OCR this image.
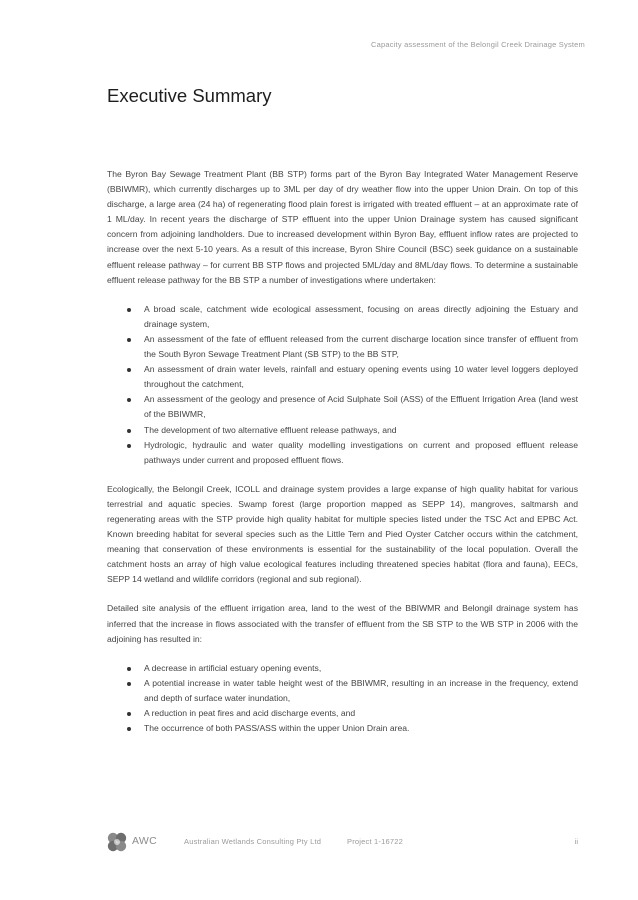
Capacity assessment of the Belongil Creek Drainage System
Executive Summary

The Byron Bay Sewage Treatment Plant (BB STP) forms part of the Byron Bay Integrated Water Management Reserve (BBIWMR), which currently discharges up to 3ML per day of dry weather flow into the upper Union Drain. On top of this discharge, a large area (24 ha) of regenerating flood plain forest is irrigated with treated effluent – at an approximate rate of 1 ML/day. In recent years the discharge of STP effluent into the upper Union Drainage system has caused significant concern from adjoining landholders. Due to increased development within Byron Bay, effluent inflow rates are projected to increase over the next 5-10 years. As a result of this increase, Byron Shire Council (BSC) seek guidance on a sustainable effluent release pathway – for current BB STP flows and projected 5ML/day and 8ML/day flows. To determine a sustainable effluent release pathway for the BB STP a number of investigations where undertaken:

A broad scale, catchment wide ecological assessment, focusing on areas directly adjoining the Estuary and drainage system,
An assessment of the fate of effluent released from the current discharge location since transfer of effluent from the South Byron Sewage Treatment Plant (SB STP) to the BB STP,
An assessment of drain water levels, rainfall and estuary opening events using 10 water level loggers deployed throughout the catchment,
An assessment of the geology and presence of Acid Sulphate Soil (ASS) of the Effluent Irrigation Area (land west of the BBIWMR,
The development of two alternative effluent release pathways, and
Hydrologic, hydraulic and water quality modelling investigations on current and proposed effluent release pathways under current and proposed effluent flows.

Ecologically, the Belongil Creek, ICOLL and drainage system provides a large expanse of high quality habitat for various terrestrial and aquatic species. Swamp forest (large proportion mapped as SEPP 14), mangroves, saltmarsh and regenerating areas with the STP provide high quality habitat for multiple species listed under the TSC Act and EPBC Act. Known breeding habitat for several species such as the Little Tern and Pied Oyster Catcher occurs within the catchment, meaning that conservation of these environments is essential for the sustainability of the local population. Overall the catchment hosts an array of high value ecological features including threatened species habitat (flora and fauna), EECs, SEPP 14 wetland and wildlife corridors (regional and sub regional).

Detailed site analysis of the effluent irrigation area, land to the west of the BBIWMR and Belongil drainage system has inferred that the increase in flows associated with the transfer of effluent from the SB STP to the WB STP in 2006 with the adjoining has resulted in:

A decrease in artificial estuary opening events,
A potential increase in water table height west of the BBIWMR, resulting in an increase in the frequency, extend and depth of surface water inundation,
A reduction in peat fires and acid discharge events, and
The occurrence of both PASS/ASS within the upper Union Drain area.
AWC	Australian Wetlands Consulting Pty Ltd	Project 1-16722	ii
